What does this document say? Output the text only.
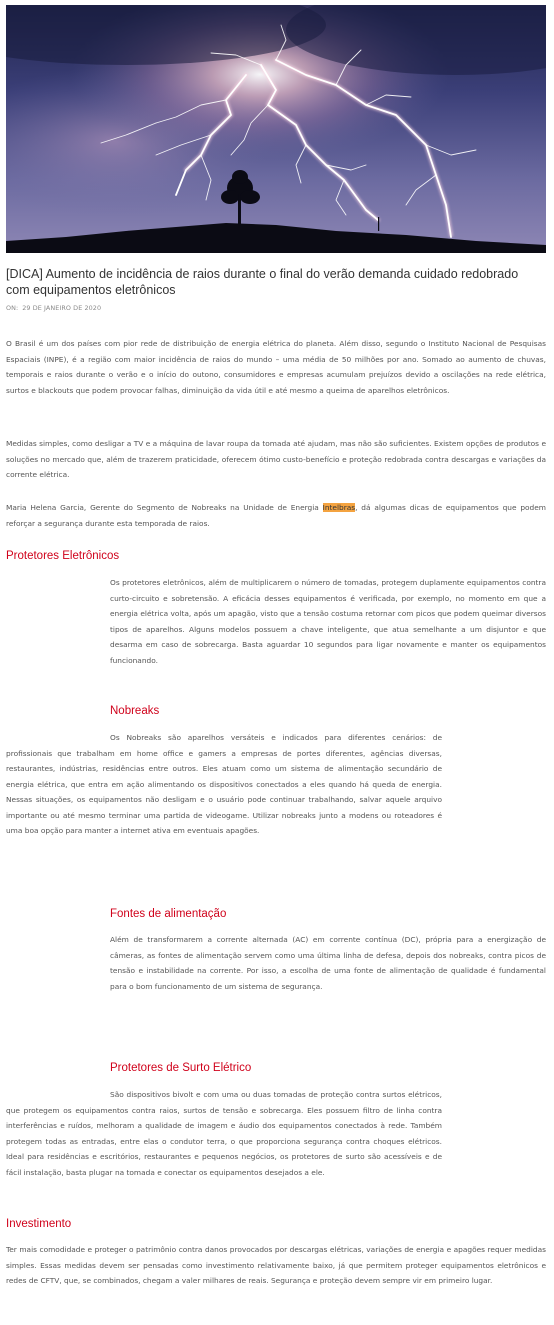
[DICA] Aumento de incidência de raios durante o final do verão demanda cuidado redobrado com equipamentos eletrônicos

ON: 29 DE JANEIRO DE 2020

O Brasil é um dos países com pior rede de distribuição de energia elétrica do planeta. Além disso, segundo o Instituto Nacional de Pesquisas Espaciais (INPE), é a região com maior incidência de raios do mundo – uma média de 50 milhões por ano. Somado ao aumento de chuvas, temporais e raios durante o verão e o início do outono, consumidores e empresas acumulam prejuízos devido a oscilações na rede elétrica, surtos e blackouts que podem provocar falhas, diminuição da vida útil e até mesmo a queima de aparelhos eletrônicos.

Medidas simples, como desligar a TV e a máquina de lavar roupa da tomada até ajudam, mas não são suficientes. Existem opções de produtos e soluções no mercado que, além de trazerem praticidade, oferecem ótimo custo-benefício e proteção redobrada contra descargas e variações da corrente elétrica.

Maria Helena Garcia, Gerente do Segmento de Nobreaks na Unidade de Energia Intelbras, dá algumas dicas de equipamentos que podem reforçar a segurança durante esta temporada de raios.

Protetores Eletrônicos

Os protetores eletrônicos, além de multiplicarem o número de tomadas, protegem duplamente equipamentos contra curto-circuito e sobretensão. A eficácia desses equipamentos é verificada, por exemplo, no momento em que a energia elétrica volta, após um apagão, visto que a tensão costuma retornar com picos que podem queimar diversos tipos de aparelhos. Alguns modelos possuem a chave inteligente, que atua semelhante a um disjuntor e que desarma em caso de sobrecarga. Basta aguardar 10 segundos para ligar novamente e manter os equipamentos funcionando.

Nobreaks

Os Nobreaks são aparelhos versáteis e indicados para diferentes cenários: de profissionais que trabalham em home office e gamers a empresas de portes diferentes, agências diversas, restaurantes, indústrias, residências entre outros. Eles atuam como um sistema de alimentação secundário de energia elétrica, que entra em ação alimentando os dispositivos conectados a eles quando há queda de energia. Nessas situações, os equipamentos não desligam e o usuário pode continuar trabalhando, salvar aquele arquivo importante ou até mesmo terminar uma partida de videogame. Utilizar nobreaks junto a modens ou roteadores é uma boa opção para manter a internet ativa em eventuais apagões.

Fontes de alimentação

Além de transformarem a corrente alternada (AC) em corrente contínua (DC), própria para a energização de câmeras, as fontes de alimentação servem como uma última linha de defesa, depois dos nobreaks, contra picos de tensão e instabilidade na corrente. Por isso, a escolha de uma fonte de alimentação de qualidade é fundamental para o bom funcionamento de um sistema de segurança.

Protetores de Surto Elétrico

São dispositivos bivolt e com uma ou duas tomadas de proteção contra surtos elétricos, que protegem os equipamentos contra raios, surtos de tensão e sobrecarga. Eles possuem filtro de linha contra interferências e ruídos, melhoram a qualidade de imagem e áudio dos equipamentos conectados à rede. Também protegem todas as entradas, entre elas o condutor terra, o que proporciona segurança contra choques elétricos. Ideal para residências e escritórios, restaurantes e pequenos negócios, os protetores de surto são acessíveis e de fácil instalação, basta plugar na tomada e conectar os equipamentos desejados a ele.

Investimento

Ter mais comodidade e proteger o patrimônio contra danos provocados por descargas elétricas, variações de energia e apagões requer medidas simples. Essas medidas devem ser pensadas como investimento relativamente baixo, já que permitem proteger equipamentos eletrônicos e redes de CFTV, que, se combinados, chegam a valer milhares de reais. Segurança e proteção devem sempre vir em primeiro lugar.
